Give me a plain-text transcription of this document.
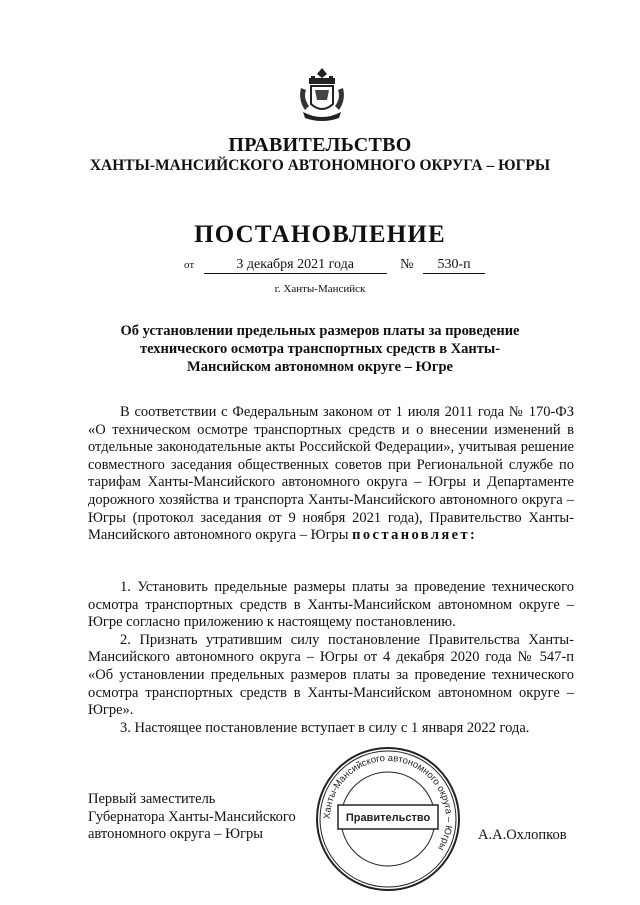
ПРАВИТЕЛЬСТВО
ХАНТЫ-МАНСИЙСКОГО АВТОНОМНОГО ОКРУГА – ЮГРЫ
ПОСТАНОВЛЕНИЕ
от	3 декабря 2021 года	№ 530-п
г. Ханты-Мансийск
Об установлении предельных размеров платы за проведение технического осмотра транспортных средств в Ханты-Мансийском автономном округе – Югре

В соответствии с Федеральным законом от 1 июля 2011 года № 170-ФЗ «О техническом осмотре транспортных средств и о внесении изменений в отдельные законодательные акты Российской Федерации», учитывая решение совместного заседания общественных советов при Региональной службе по тарифам Ханты-Мансийского автономного округа – Югры и Департаменте дорожного хозяйства и транспорта Ханты-Мансийского автономного округа – Югры (протокол заседания от 9 ноября 2021 года), Правительство Ханты-Мансийского автономного округа – Югры постановляет:

1. Установить предельные размеры платы за проведение технического осмотра транспортных средств в Ханты-Мансийском автономном округе – Югре согласно приложению к настоящему постановлению.

2. Признать утратившим силу постановление Правительства Ханты-Мансийского автономного округа – Югры от 4 декабря 2020 года № 547-п «Об установлении предельных размеров платы за проведение технического осмотра транспортных средств в Ханты-Мансийском автономном округе – Югре».

3. Настоящее постановление вступает в силу с 1 января 2022 года.

Первый заместитель
Губернатора Ханты-Мансийского
автономного округа – Югры	А.А.Охлопков
Ханты-Мансийского автономного округа – Югры
Правительство
